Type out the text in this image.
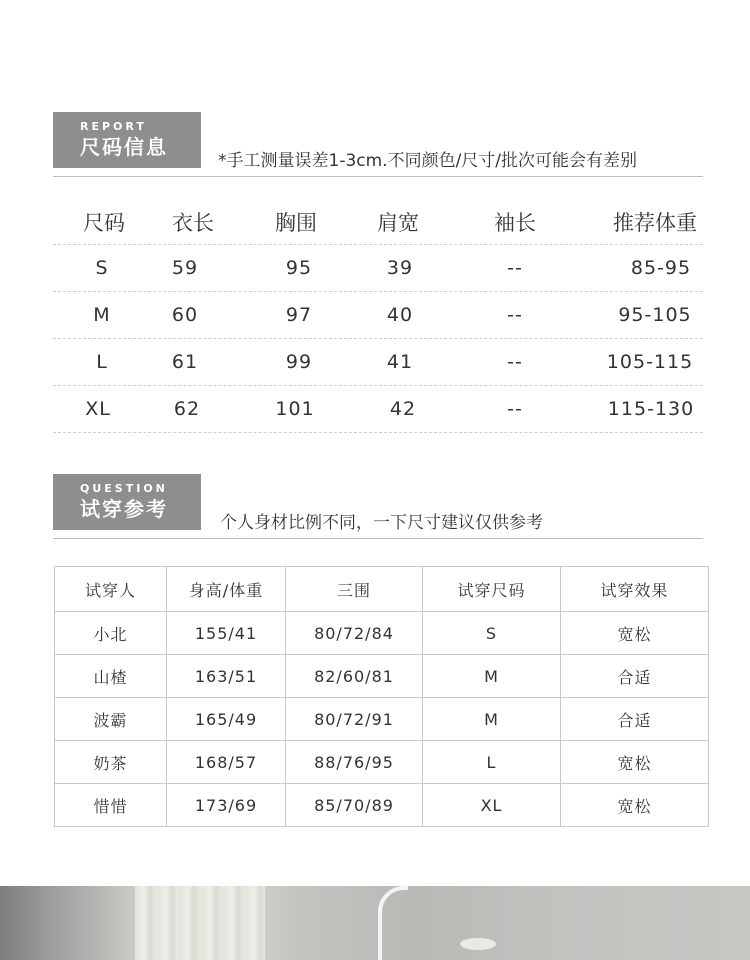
REPORT
尺码信息
*手工测量误差1-3cm.不同颜色/尺寸/批次可能会有差别
尺码 衣长	胸围	肩宽	袖长	推荐体重
S	59	95	39	--	85-95
M	60	97	40	--	95-105
L	61	99	41	--	105-115
XL	62	101	42	--	115-130
QUESTION
试穿参考
个人身材比例不同，一下尺寸建议仅供参考
试穿人	身高/体重	三围	试穿尺码	试穿效果
小北	155/41	80/72/84	S	宽松
山楂	163/51	82/60/81	M	合适
波霸	165/49	80/72/91	M	合适
奶茶	168/57	88/76/95	L	宽松
惜惜	173/69	85/70/89	XL	宽松
